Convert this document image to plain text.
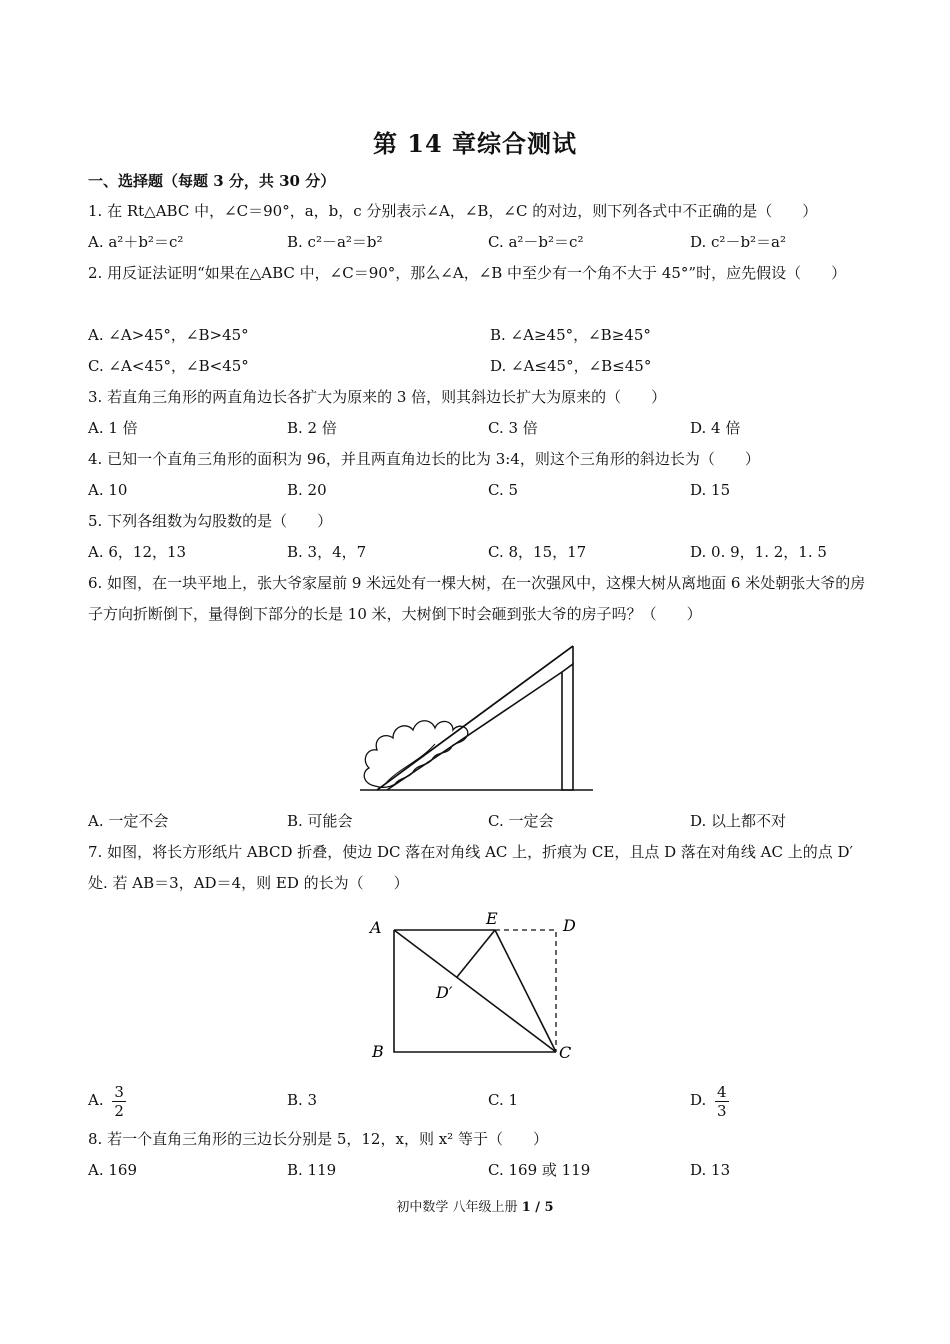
第 14 章综合测试
一、选择题（每题 3 分，共 30 分）
1. 在 Rt△ABC 中，∠C＝90°，a，b，c 分别表示∠A，∠B，∠C 的对边，则下列各式中不正确的是（　　）
A. a²＋b²＝c²	B. c²－a²＝b²	C. a²－b²＝c²	D. c²－b²＝a²
2. 用反证法证明“如果在△ABC 中，∠C＝90°，那么∠A，∠B 中至少有一个角不大于 45°”时，应先假设（　　）
A. ∠A>45°，∠B>45°	B. ∠A≥45°，∠B≥45°
C. ∠A<45°，∠B<45°	D. ∠A≤45°，∠B≤45°
3. 若直角三角形的两直角边长各扩大为原来的 3 倍，则其斜边长扩大为原来的（　　）
A. 1 倍	B. 2 倍	C. 3 倍	D. 4 倍
4. 已知一个直角三角形的面积为 96，并且两直角边长的比为 3:4，则这个三角形的斜边长为（　　）
A. 10	B. 20	C. 5	D. 15
5. 下列各组数为勾股数的是（　　）
A. 6，12，13	B. 3，4，7	C. 8，15，17	D. 0. 9，1. 2，1. 5
6. 如图，在一块平地上，张大爷家屋前 9 米远处有一棵大树，在一次强风中，这棵大树从离地面 6 米处朝张大爷的房子方向折断倒下，量得倒下部分的长是 10 米，大树倒下时会砸到张大爷的房子吗？（　　）
A. 一定不会	B. 可能会	C. 一定会	D. 以上都不对
7. 如图，将长方形纸片 ABCD 折叠，使边 DC 落在对角线 AC 上，折痕为 CE，且点 D 落在对角线 AC 上的点 D′ 处. 若 AB＝3，AD＝4，则 ED 的长为（　　）
A	E	D
D′
B	C
A. $\frac{3}{2}$	B. 3	C. 1	D. $\frac{4}{3}$
8. 若一个直角三角形的三边长分别是 5，12，x，则 x² 等于（　　）
A. 169	B. 119	C. 169 或 119	D. 13
初中数学 八年级上册 1 / 5
